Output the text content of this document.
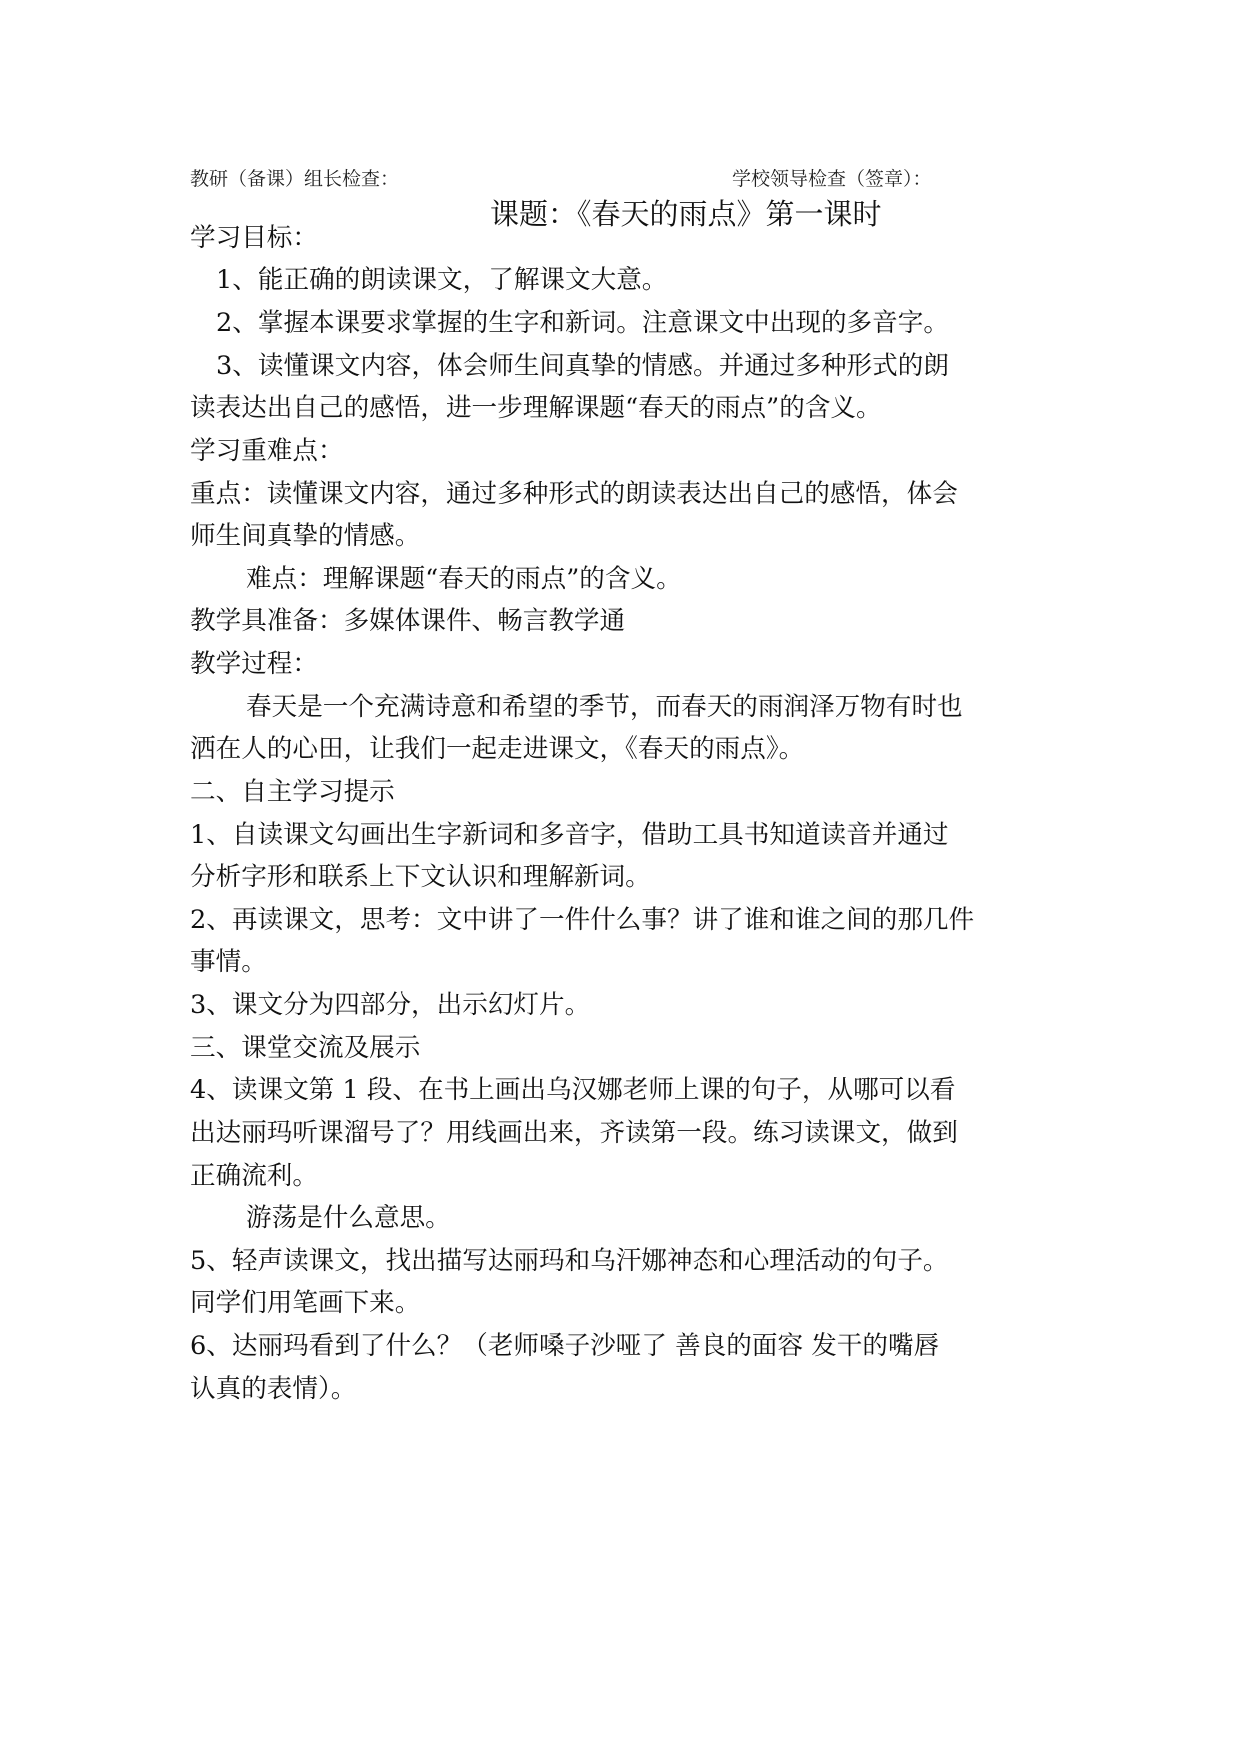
教研（备课）组长检查：	学校领导检查（签章）：
课题：《春天的雨点》第一课时
学习目标：
1、能正确的朗读课文，了解课文大意。
2、掌握本课要求掌握的生字和新词。注意课文中出现的多音字。
3、读懂课文内容，体会师生间真挚的情感。并通过多种形式的朗
读表达出自己的感悟，进一步理解课题“春天的雨点”的含义。
学习重难点：
重点：读懂课文内容，通过多种形式的朗读表达出自己的感悟，体会
师生间真挚的情感。
难点：理解课题“春天的雨点”的含义。
教学具准备：多媒体课件、畅言教学通
教学过程：
春天是一个充满诗意和希望的季节，而春天的雨润泽万物有时也
洒在人的心田，让我们一起走进课文，《春天的雨点》。
二、自主学习提示
1、自读课文勾画出生字新词和多音字，借助工具书知道读音并通过
分析字形和联系上下文认识和理解新词。
2、再读课文，思考：文中讲了一件什么事？讲了谁和谁之间的那几件
事情。
3、课文分为四部分，出示幻灯片。
三、课堂交流及展示
4、读课文第 1 段、在书上画出乌汉娜老师上课的句子，从哪可以看
出达丽玛听课溜号了？用线画出来，齐读第一段。练习读课文，做到
正确流利。
游荡是什么意思。
5、轻声读课文，找出描写达丽玛和乌汗娜神态和心理活动的句子。
同学们用笔画下来。
6、达丽玛看到了什么？（老师嗓子沙哑了 善良的面容 发干的嘴唇
认真的表情）。
